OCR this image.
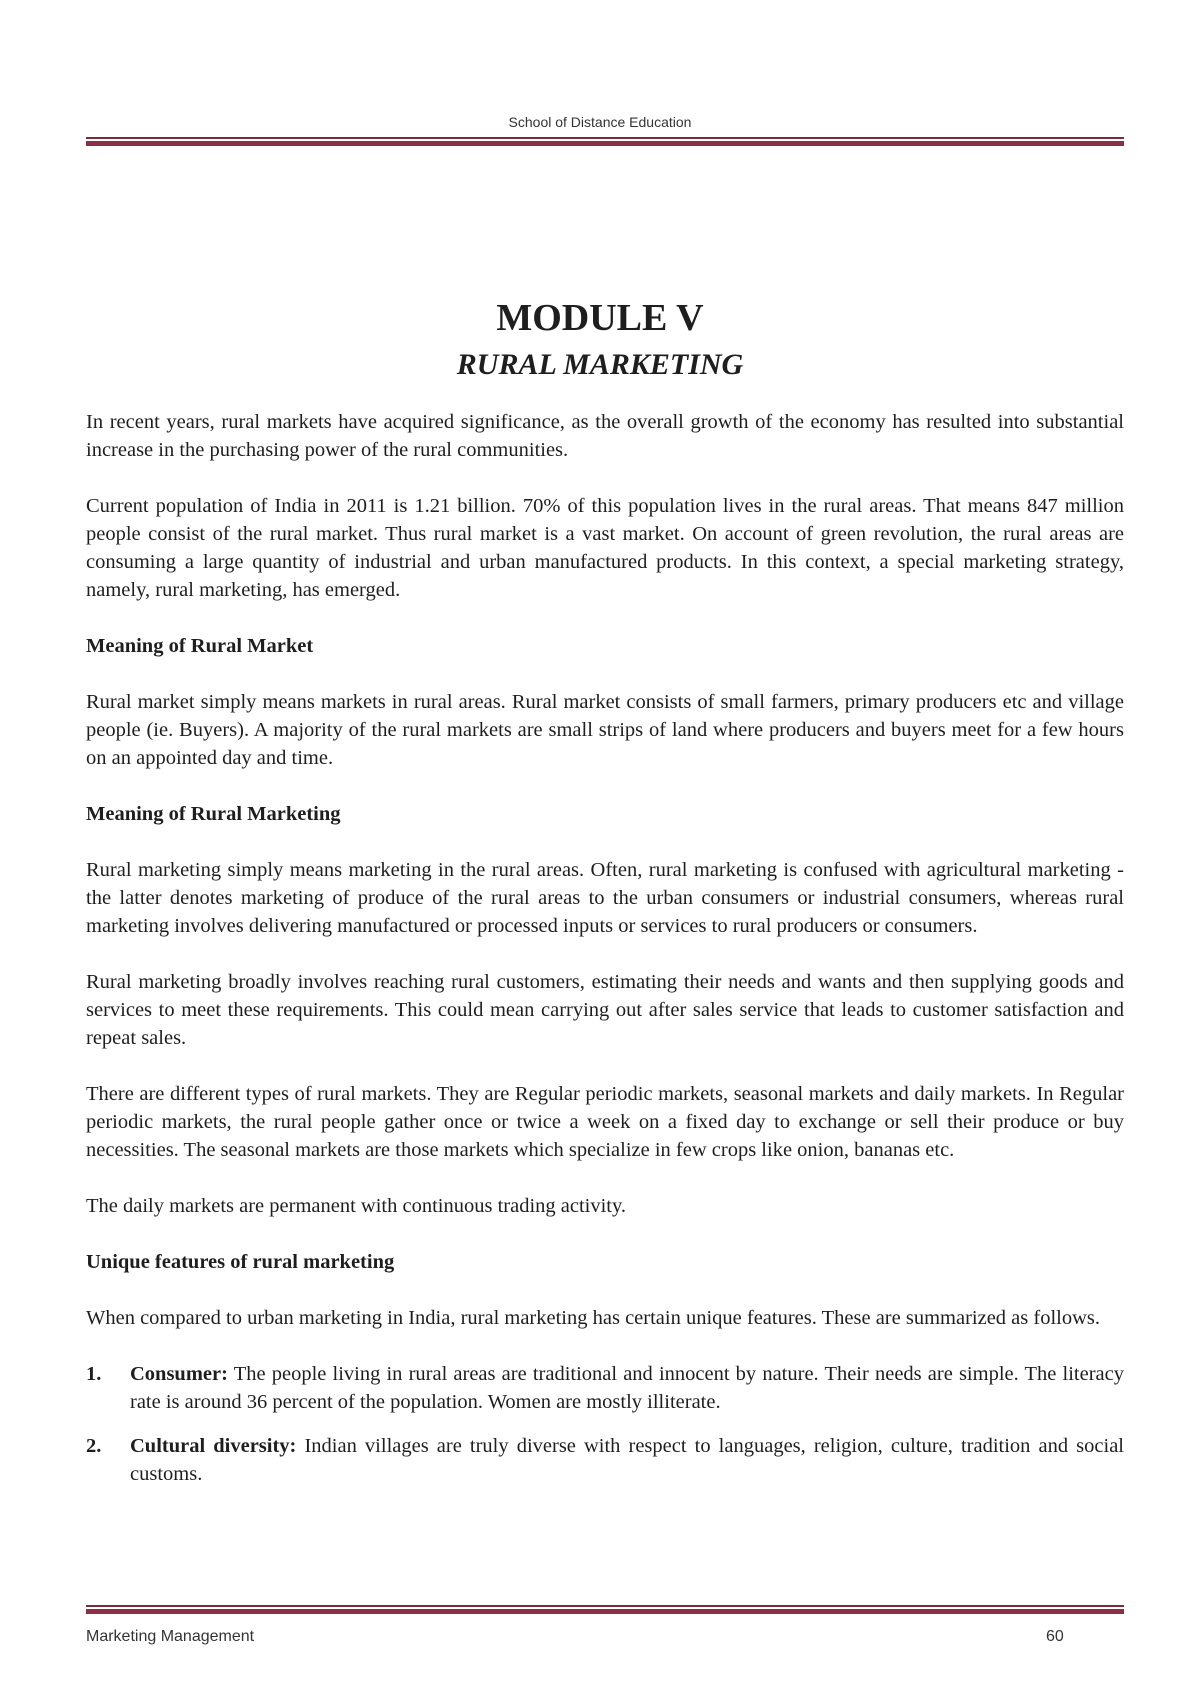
School of Distance Education
MODULE V
RURAL MARKETING

In recent years, rural markets have acquired significance, as the overall growth of the economy has resulted into substantial increase in the purchasing power of the rural communities.

Current population of India in 2011 is 1.21 billion. 70% of this population lives in the rural areas. That means 847 million people consist of the rural market. Thus rural market is a vast market. On account of green revolution, the rural areas are consuming a large quantity of industrial and urban manufactured products. In this context, a special marketing strategy, namely, rural marketing, has emerged.

Meaning of Rural Market

Rural market simply means markets in rural areas. Rural market consists of small farmers, primary producers etc and village people (ie. Buyers). A majority of the rural markets are small strips of land where producers and buyers meet for a few hours on an appointed day and time.

Meaning of Rural Marketing

Rural marketing simply means marketing in the rural areas. Often, rural marketing is confused with agricultural marketing - the latter denotes marketing of produce of the rural areas to the urban consumers or industrial consumers, whereas rural marketing involves delivering manufactured or processed inputs or services to rural producers or consumers.

Rural marketing broadly involves reaching rural customers, estimating their needs and wants and then supplying goods and services to meet these requirements. This could mean carrying out after sales service that leads to customer satisfaction and repeat sales.

There are different types of rural markets. They are Regular periodic markets, seasonal markets and daily markets. In Regular periodic markets, the rural people gather once or twice a week on a fixed day to exchange or sell their produce or buy necessities. The seasonal markets are those markets which specialize in few crops like onion, bananas etc.

The daily markets are permanent with continuous trading activity.

Unique features of rural marketing

When compared to urban marketing in India, rural marketing has certain unique features. These are summarized as follows.

1. Consumer: The people living in rural areas are traditional and innocent by nature. Their needs are simple. The literacy rate is around 36 percent of the population. Women are mostly illiterate.
2. Cultural diversity: Indian villages are truly diverse with respect to languages, religion, culture, tradition and social customs.
Marketing Management	60
